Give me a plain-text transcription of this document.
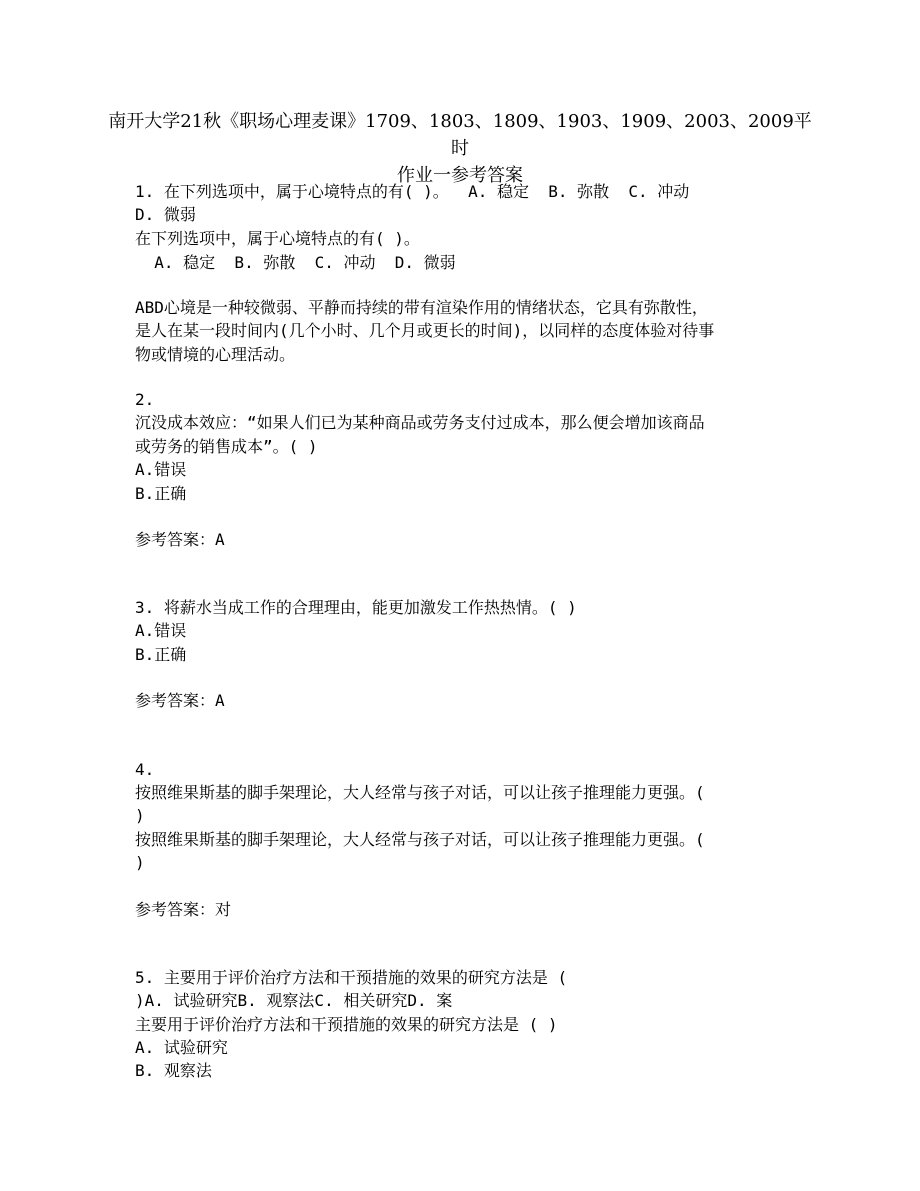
南开大学21秋《职场心理麦课》1709、1803、1809、1903、1909、2003、2009平时
作业一参考答案
1. 在下列选项中，属于心境特点的有( )。  A. 稳定  B. 弥散  C. 冲动
D. 微弱
在下列选项中，属于心境特点的有( )。
A. 稳定  B. 弥散  C. 冲动  D. 微弱
ABD心境是一种较微弱、平静而持续的带有渲染作用的情绪状态，它具有弥散性，
是人在某一段时间内(几个小时、几个月或更长的时间)，以同样的态度体验对待事
物或情境的心理活动。
2.
沉没成本效应：“如果人们已为某种商品或劳务支付过成本，那么便会增加该商品
或劳务的销售成本”。( )
A.错误
B.正确
参考答案：A
3. 将薪水当成工作的合理理由，能更加激发工作热热情。( )
A.错误
B.正确
参考答案：A
4.
按照维果斯基的脚手架理论，大人经常与孩子对话，可以让孩子推理能力更强。(
)
按照维果斯基的脚手架理论，大人经常与孩子对话，可以让孩子推理能力更强。(
)
参考答案：对
5. 主要用于评价治疗方法和干预措施的效果的研究方法是 (
)A. 试验研究B. 观察法C. 相关研究D. 案
主要用于评价治疗方法和干预措施的效果的研究方法是 ( )
A. 试验研究
B. 观察法
